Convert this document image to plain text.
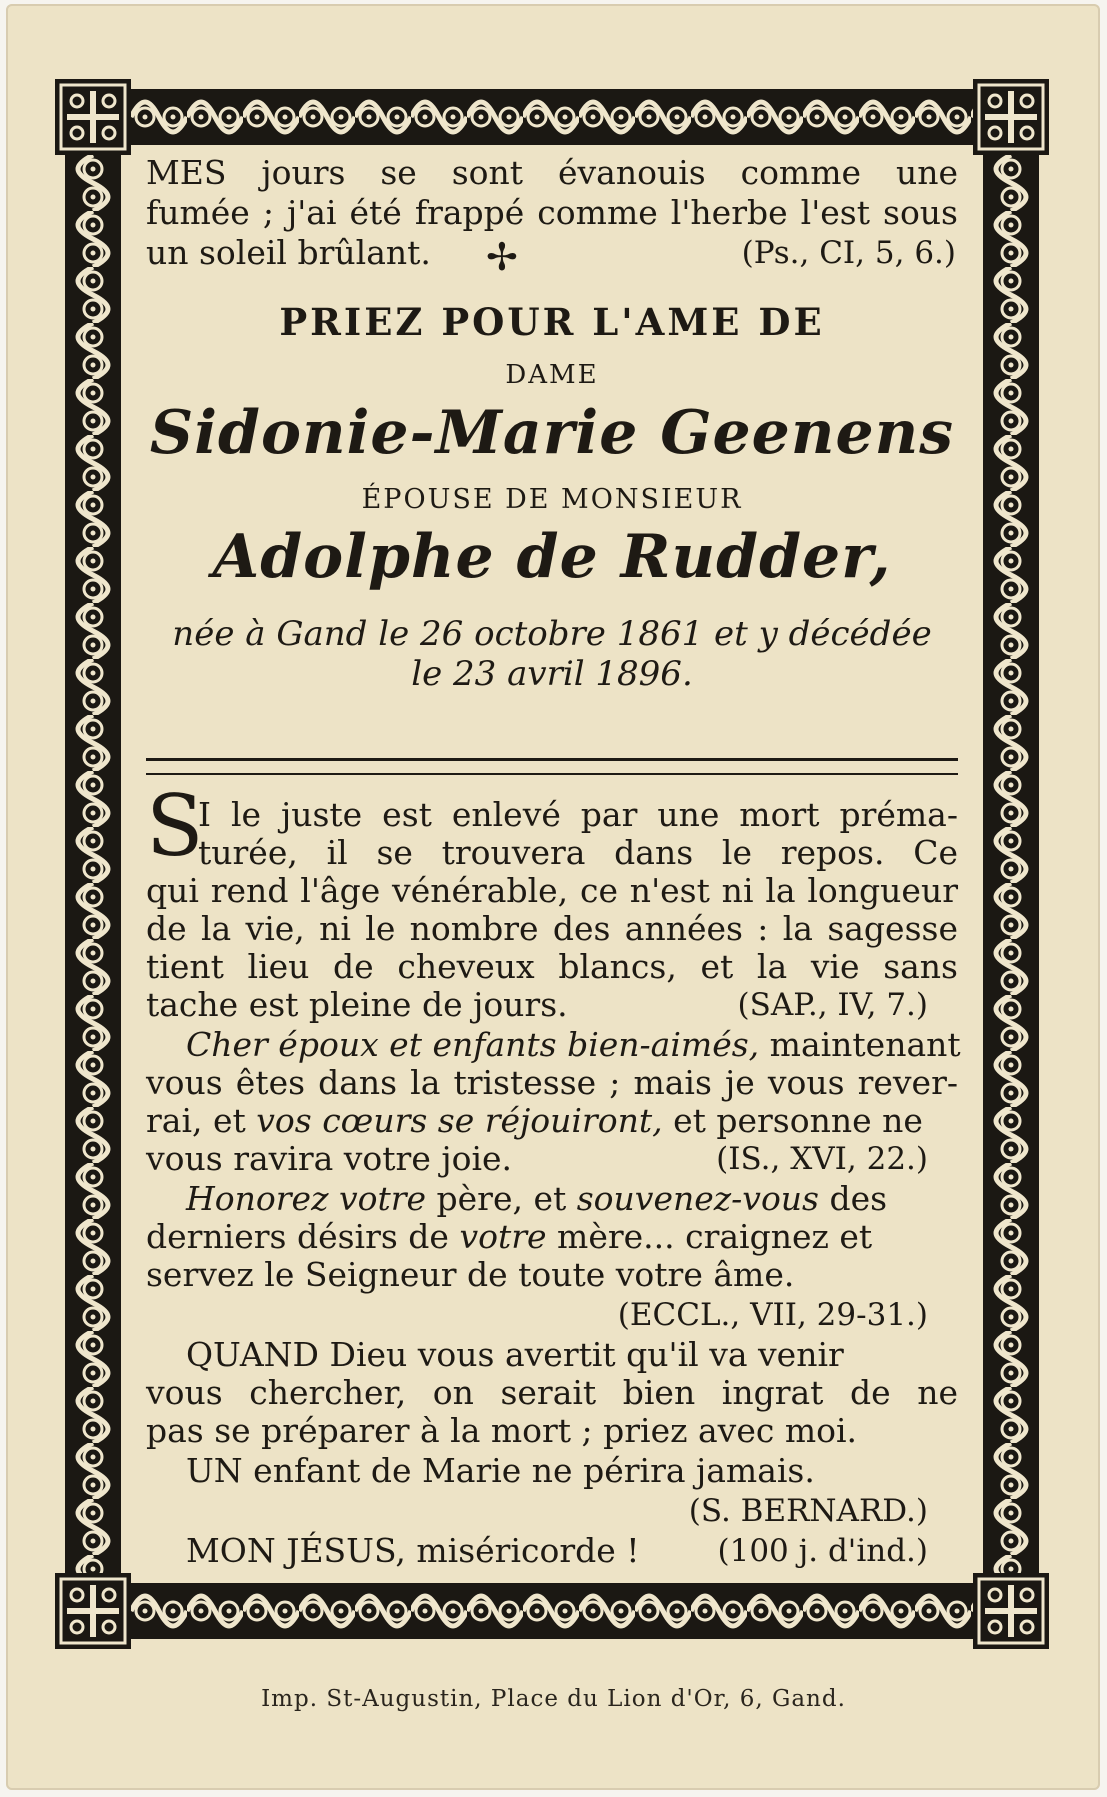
MES jours se sont évanouis comme une
fumée ; j'ai été frappé comme l'herbe l'est sous
un soleil brûlant. ✢	(Ps., CI, 5, 6.)
PRIEZ POUR L'AME DE
DAME
Sidonie-Marie Geenens
ÉPOUSE DE MONSIEUR
Adolphe de Rudder,
née à Gand le 26 octobre 1861 et y décédée
le 23 avril 1896.
S
I le juste est enlevé par une mort préma-
turée, il se trouvera dans le repos. Ce
qui rend l'âge vénérable, ce n'est ni la longueur
de la vie, ni le nombre des années : la sagesse
tient lieu de cheveux blancs, et la vie sans
tache est pleine de jours.	(SAP., IV, 7.)
Cher époux et enfants bien-aimés, maintenant
vous êtes dans la tristesse ; mais je vous rever-
rai, et vos cœurs se réjouiront, et personne ne
vous ravira votre joie.	(IS., XVI, 22.)
Honorez votre père, et souvenez-vous des
derniers désirs de votre mère... craignez et
servez le Seigneur de toute votre âme.
(ECCL., VII, 29-31.)
QUAND Dieu vous avertit qu'il va venir
vous chercher, on serait bien ingrat de ne
pas se préparer à la mort ; priez avec moi.
UN enfant de Marie ne périra jamais.
(S. BERNARD.)
MON JÉSUS, miséricorde !	(100 j. d'ind.)
Imp. St-Augustin, Place du Lion d'Or, 6, Gand.
